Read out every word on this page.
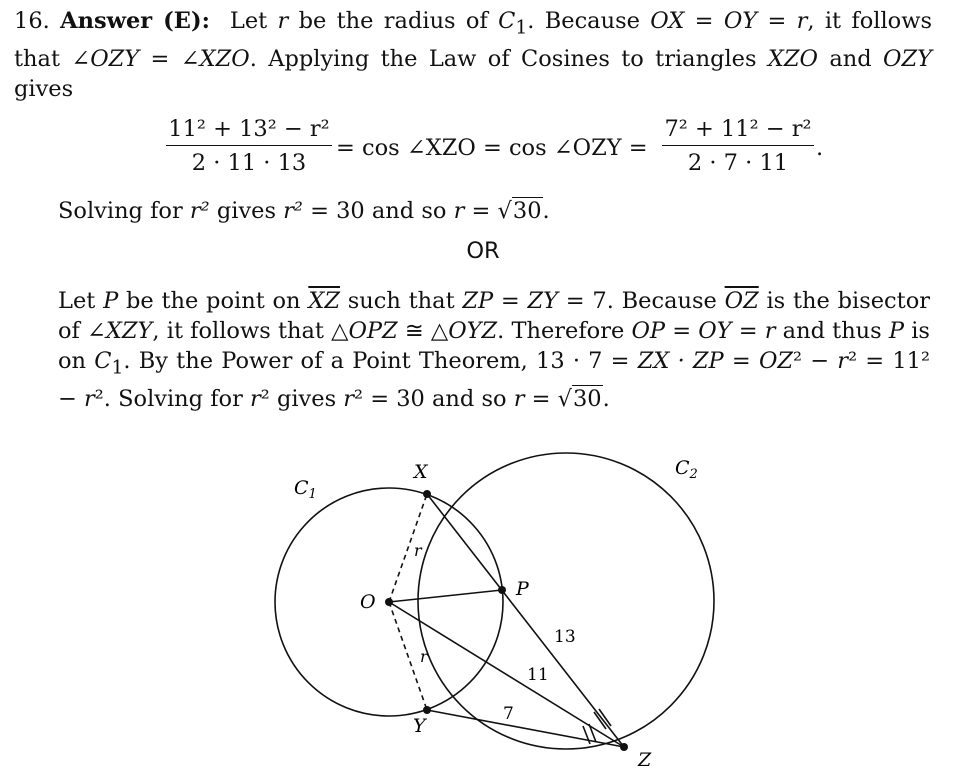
16. Answer (E): Let r be the radius of $C_1$. Because OX = OY = r, it follows that ∠OZY = ∠XZO. Applying the Law of Cosines to triangles XZO and OZY gives
$\frac{\text{11² + 13² − r²}}{2 \cdot 11 \cdot 13} = \cos$ ∠XZO = cos ∠OZY = $\frac{\text{7² + 11² − r²}}{2 \cdot 7 \cdot 11}$ .
Solving for r² gives r² = 30 and so r = √30.
OR
Let P be the point on $\overline{XZ}$ such that ZP = ZY = 7. Because $\overline{OZ}$ is the bisector of ∠XZY, it follows that △OPZ ≅ △OYZ. Therefore OP = OY = r and thus P is on $C_1$. By the Power of a Point Theorem, 13 · 7 = ZX · ZP = OZ² − r² = 11² − r². Solving for r² gives r² = 30 and so r = √30.
$C_1$
$C_2$
X
Y
O
P
Z
r
r
13
11
7
